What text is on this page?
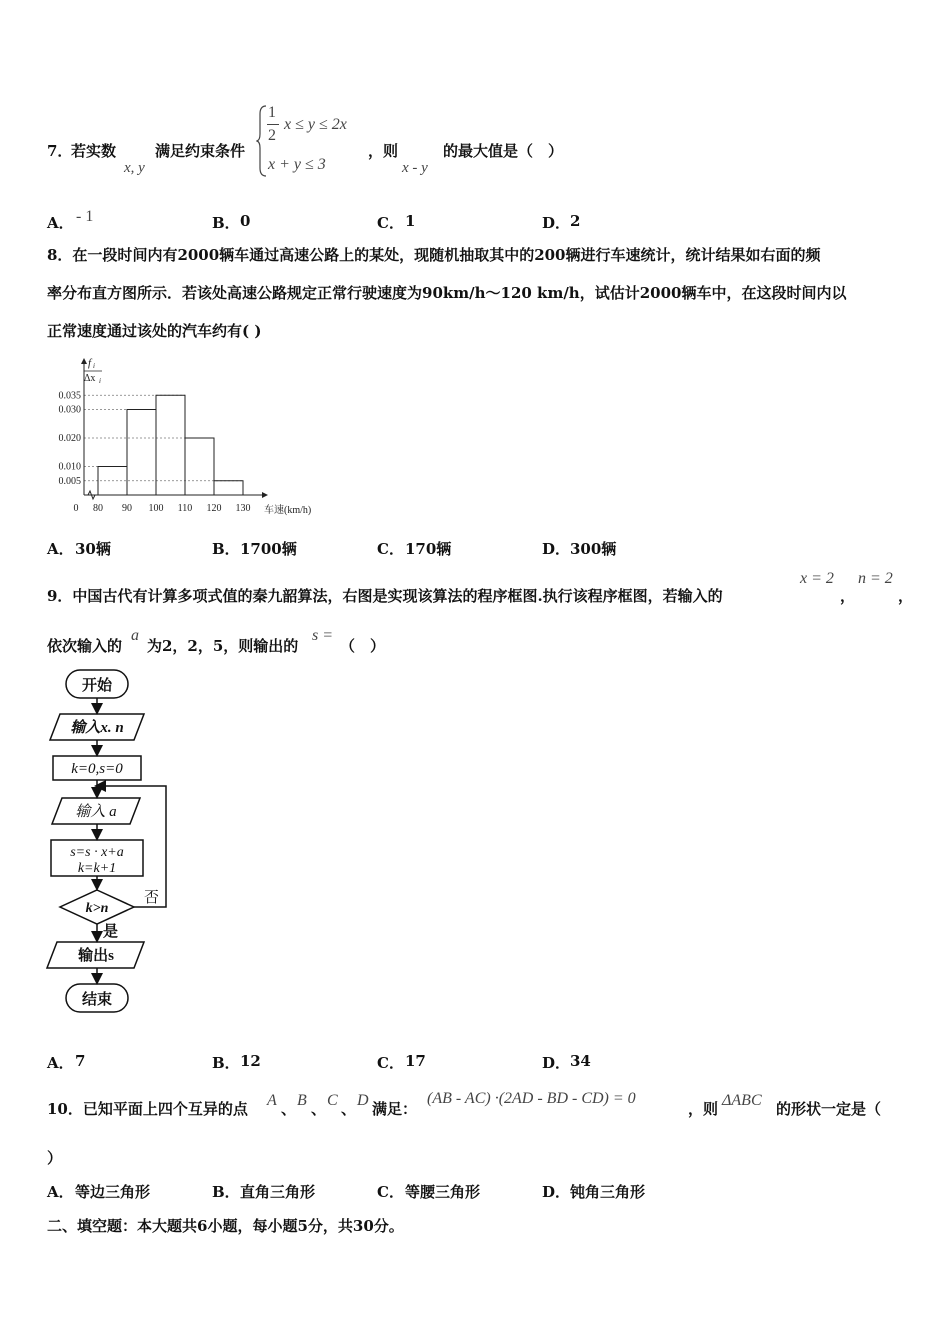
7．
若实数
x, y
满足约束条件
1
2
x ≤ y ≤ 2x
x + y ≤ 3
，则
x - y
的最大值是（　）
A． - 1	B． 0	C． 1	D． 2
8．在一段时间内有2000辆车通过高速公路上的某处，现随机抽取其中的200辆进行车速统计，统计结果如右面的频
率分布直方图所示．若该处高速公路规定正常行驶速度为90km/h～120 km/h，试估计2000辆车中，在这段时间内以
正常速度通过该处的汽车约有( )
0.005
0.010
0.020
0.030
0.035
0 80 90 100 110 120 130 车速(km/h)
f i
Δx i
A． 30辆	B． 1700辆	C． 170辆	D． 300辆
9．中国古代有计算多项式值的秦九韶算法，右图是实现该算法的程序框图.执行该程序框图，若输入的
x = 2
，
n = 2
，
依次输入的
a
为2，2，5，则输出的
s =
（　）
开始
输入x. n
k=0,s=0
输入 a
s=s · x+a
k=k+1
k>n
否
是
输出s
结束
A． 7	B． 12	C． 17	D． 34
10．已知平面上四个互异的点 A 、 B 、 C 、 D 满足：
(AB - AC) ·(2AD - BD - CD) = 0
，则 ΔABC 的形状一定是（
）
A． 等边三角形	B． 直角三角形	C． 等腰三角形	D． 钝角三角形
二、填空题：本大题共6小题，每小题5分，共30分。
